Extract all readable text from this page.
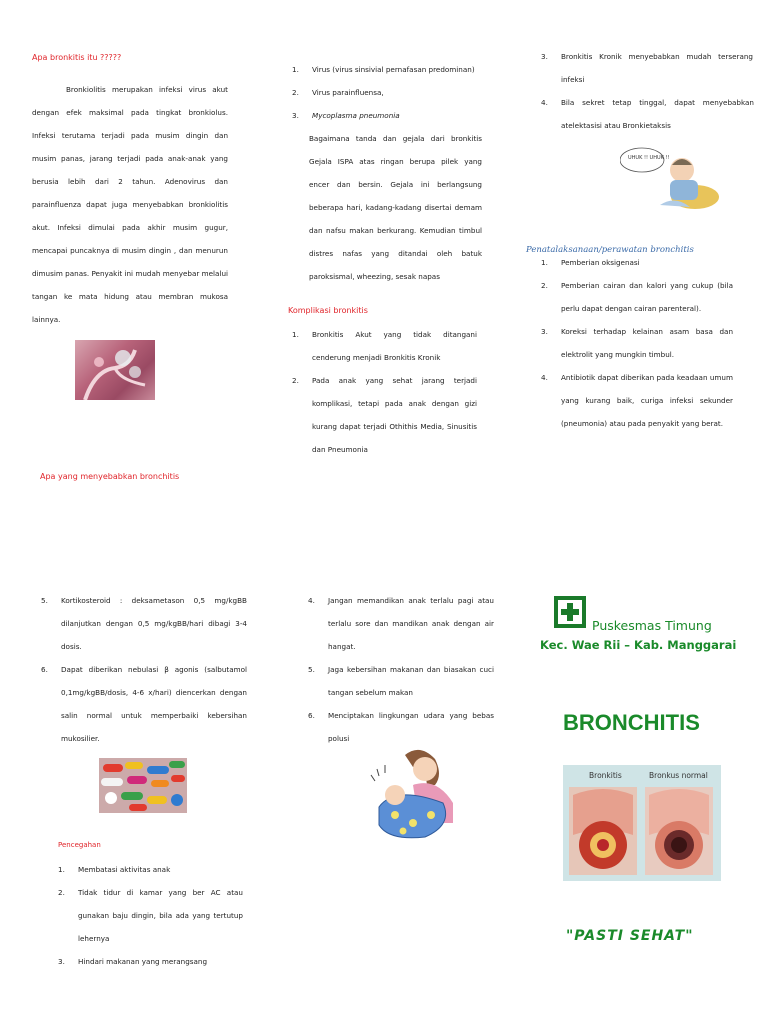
Apa bronkitis itu ?????
Bronkiolitis merupakan infeksi virus akut dengan efek maksimal pada tingkat bronkiolus. Infeksi terutama terjadi pada musim dingin dan musim panas, jarang terjadi pada anak-anak yang berusia lebih dari 2 tahun. Adenovirus dan parainfluenza dapat juga menyebabkan bronkiolitis akut. Infeksi dimulai pada akhir musim gugur, mencapai puncaknya di musim dingin , dan menurun dimusim panas. Penyakit ini mudah menyebar melalui tangan ke mata hidung atau membran mukosa lainnya.
Apa yang menyebabkan bronchitis
1. Virus (virus sinsivial pernafasan predominan)

2. Virus parainfluensa,

3. Mycoplasma pneumonia

Bagaimana tanda dan gejala dari bronkitis Gejala ISPA atas ringan berupa pilek yang encer dan bersin. Gejala ini berlangsung beberapa hari, kadang-kadang disertai demam dan nafsu makan berkurang. Kemudian timbul distres nafas yang ditandai oleh batuk paroksismal, wheezing, sesak napas
Komplikasi bronkitis
1. Bronkitis Akut yang tidak ditangani cenderung menjadi Bronkitis Kronik

2. Pada anak yang sehat jarang terjadi komplikasi, tetapi pada anak dengan gizi kurang dapat terjadi Othithis Media, Sinusitis dan Pneumonia

3. Bronkitis Kronik menyebabkan mudah terserang infeksi

4. Bila sekret tetap tinggal, dapat menyebabkan atelektasisi atau Bronkietaksis

UHUK !! UHUK !!
Penatalaksanaan/perawatan bronchitis
1. Pemberian oksigenasi

2. Pemberian cairan dan kalori yang cukup (bila perlu dapat dengan cairan parenteral).

3. Koreksi terhadap kelainan asam basa dan elektrolit yang mungkin timbul.

4. Antibiotik dapat diberikan pada keadaan umum yang kurang baik, curiga infeksi sekunder (pneumonia) atau pada penyakit yang berat.

5. Kortikosteroid : deksametason 0,5 mg/kgBB dilanjutkan dengan 0,5 mg/kgBB/hari dibagi 3-4 dosis.

6. Dapat diberikan nebulasi β agonis (salbutamol 0,1mg/kgBB/dosis, 4-6 x/hari) diencerkan dengan salin normal untuk memperbaiki kebersihan mukosilier.

Pencegahan
1. Membatasi aktivitas anak

2. Tidak tidur di kamar yang ber AC atau gunakan baju dingin, bila ada yang tertutup lehernya

3. Hindari makanan yang merangsang

4. Jangan memandikan anak terlalu pagi atau terlalu sore dan mandikan anak dengan air hangat.

5. Jaga kebersihan makanan dan biasakan cuci tangan sebelum makan

6. Menciptakan lingkungan udara yang bebas polusi

Puskesmas Timung
Kec. Wae Rii – Kab. Manggarai
BRONCHITIS
Bronkitis	Bronkus normal
"PASTI SEHAT"
